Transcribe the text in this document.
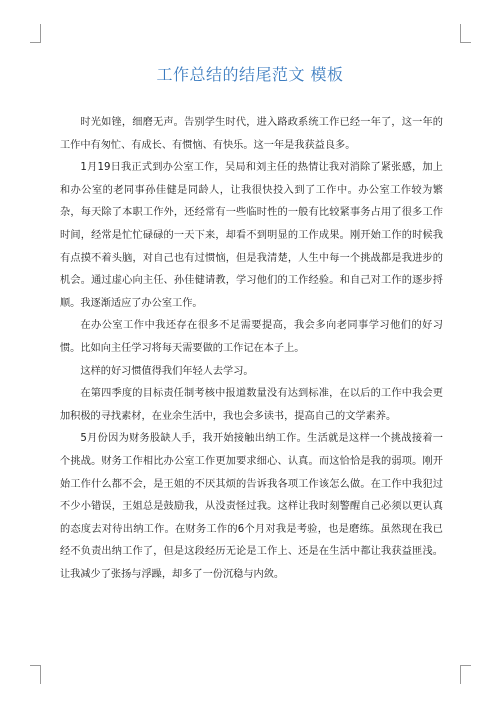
工作总结的结尾范文 模板

时光如锉，细磨无声。告别学生时代，进入路政系统工作已经一年了，这一年的工作中有匆忙、有成长、有惯恼、有快乐。这一年是我获益良多。

1月19日我正式到办公室工作，吴局和刘主任的热情让我对消除了紧张感，加上和办公室的老同事孙佳健是同龄人，让我很快投入到了工作中。办公室工作较为繁杂，每天除了本职工作外，还经常有一些临时性的一般有比较紧事务占用了很多工作时间，经常是忙忙碌碌的一天下来，却看不到明显的工作成果。刚开始工作的时候我有点摸不着头脑，对自己也有过惯恼，但是我清楚，人生中每一个挑战都是我进步的机会。通过虚心向主任、孙佳健请教，学习他们的工作经验。和自己对工作的逐步捋顺。我逐渐适应了办公室工作。

在办公室工作中我还存在很多不足需要提高，我会多向老同事学习他们的好习惯。比如向主任学习将每天需要做的工作记在本子上。

这样的好习惯值得我们年轻人去学习。

在第四季度的目标责任制考核中报道数量没有达到标准，在以后的工作中我会更加积极的寻找素材，在业余生活中，我也会多读书，提高自己的文学素养。

5月份因为财务股缺人手，我开始接触出纳工作。生活就是这样一个挑战接着一个挑战。财务工作相比办公室工作更加要求细心、认真。而这恰恰是我的弱项。刚开始工作什么都不会，是王姐的不厌其烦的告诉我各项工作该怎么做。在工作中我犯过不少小错误，王姐总是鼓励我，从没责怪过我。这样让我时刻警醒自己必须以更认真的态度去对待出纳工作。在财务工作的6个月对我是考验，也是磨练。虽然现在我已经不负责出纳工作了，但是这段经历无论是工作上、还是在生活中都让我获益匪浅。让我减少了张扬与浮躁，却多了一份沉稳与内敛。
